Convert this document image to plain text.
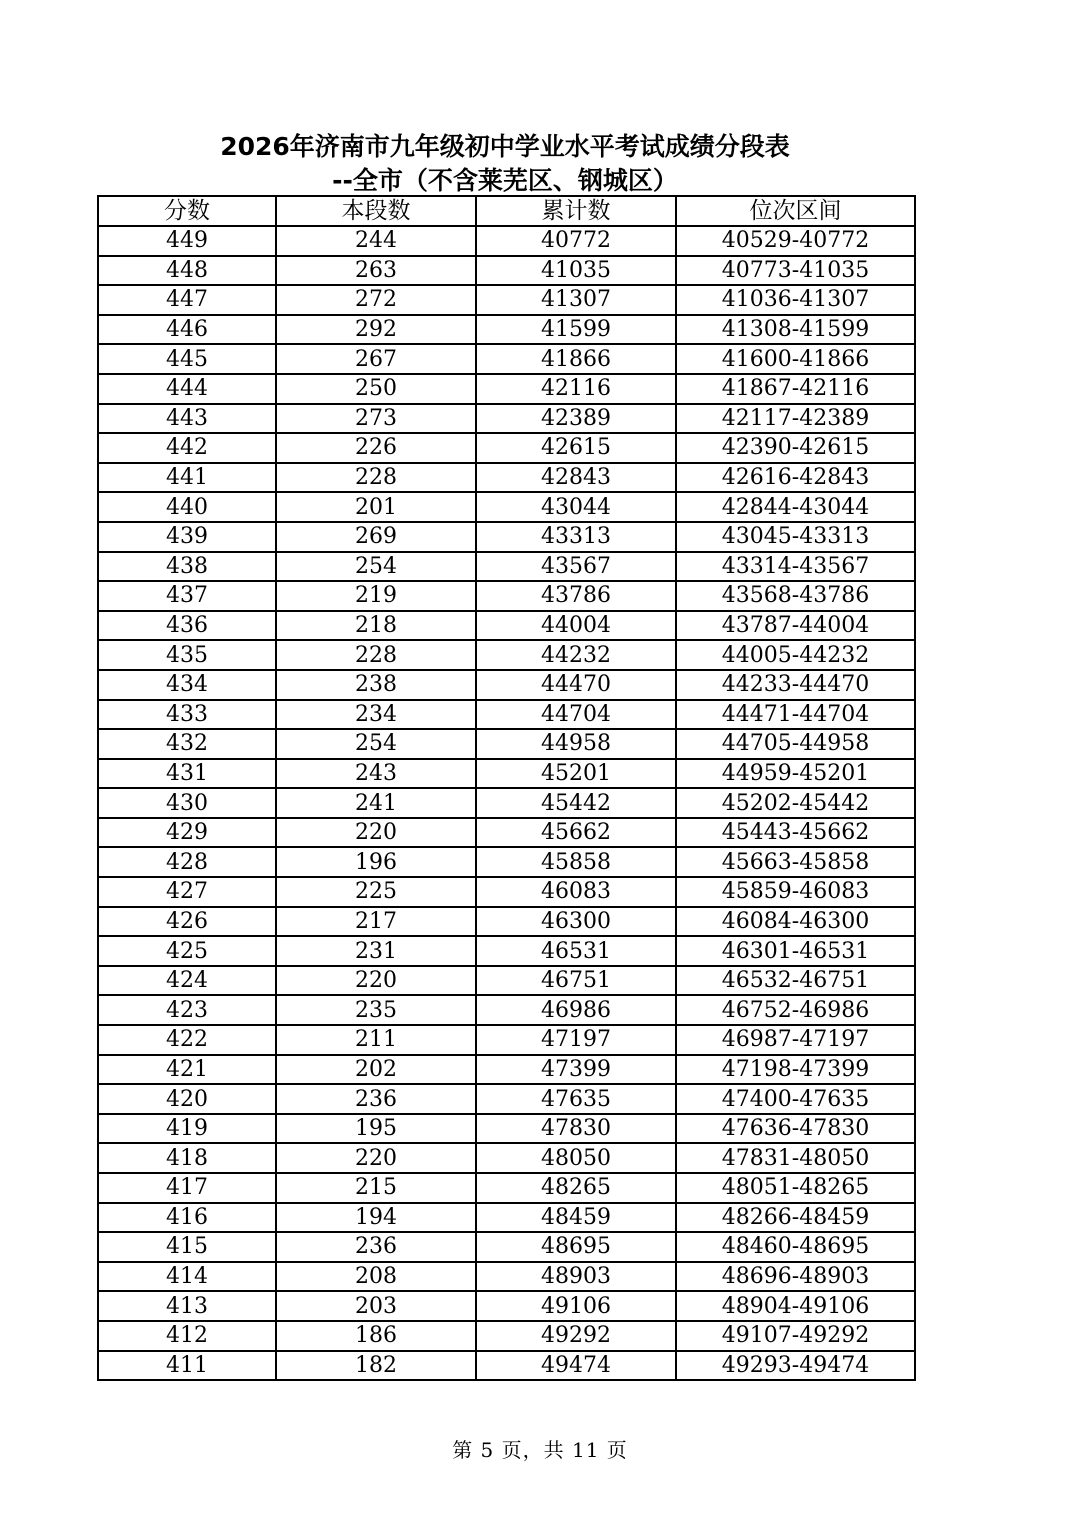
2026年济南市九年级初中学业水平考试成绩分段表
--全市（不含莱芜区、钢城区）
分数	本段数	累计数	位次区间
449	244	40772	40529-40772
448	263	41035	40773-41035
447	272	41307	41036-41307
446	292	41599	41308-41599
445	267	41866	41600-41866
444	250	42116	41867-42116
443	273	42389	42117-42389
442	226	42615	42390-42615
441	228	42843	42616-42843
440	201	43044	42844-43044
439	269	43313	43045-43313
438	254	43567	43314-43567
437	219	43786	43568-43786
436	218	44004	43787-44004
435	228	44232	44005-44232
434	238	44470	44233-44470
433	234	44704	44471-44704
432	254	44958	44705-44958
431	243	45201	44959-45201
430	241	45442	45202-45442
429	220	45662	45443-45662
428	196	45858	45663-45858
427	225	46083	45859-46083
426	217	46300	46084-46300
425	231	46531	46301-46531
424	220	46751	46532-46751
423	235	46986	46752-46986
422	211	47197	46987-47197
421	202	47399	47198-47399
420	236	47635	47400-47635
419	195	47830	47636-47830
418	220	48050	47831-48050
417	215	48265	48051-48265
416	194	48459	48266-48459
415	236	48695	48460-48695
414	208	48903	48696-48903
413	203	49106	48904-49106
412	186	49292	49107-49292
411	182	49474	49293-49474
第 5 页，共 11 页
